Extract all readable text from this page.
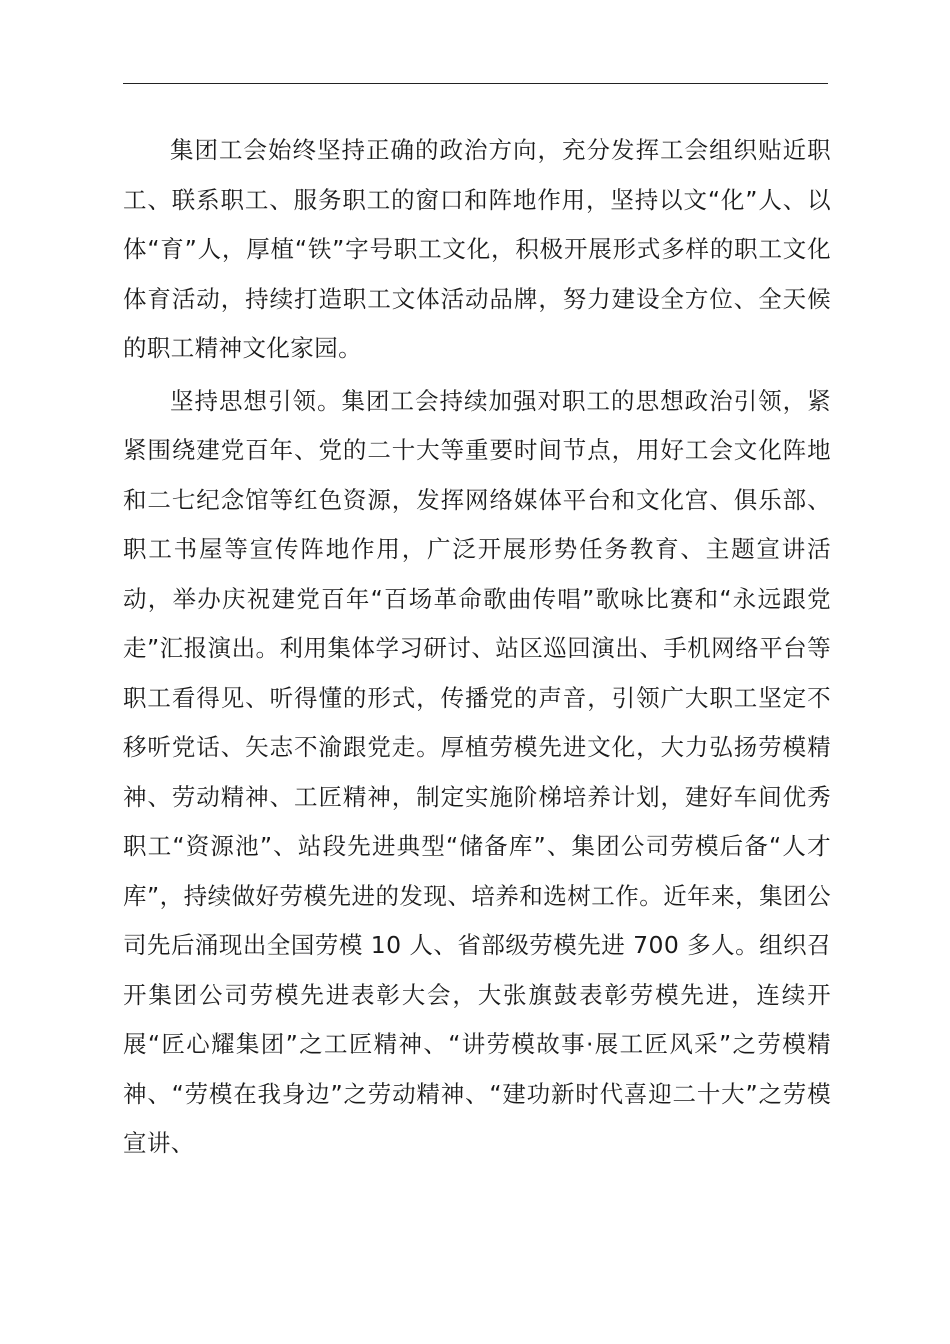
集团工会始终坚持正确的政治方向，充分发挥工会组织贴近职工、联系职工、服务职工的窗口和阵地作用，坚持以文“化”人、以体“育”人，厚植“铁”字号职工文化，积极开展形式多样的职工文化体育活动，持续打造职工文体活动品牌，努力建设全方位、全天候的职工精神文化家园。

坚持思想引领。集团工会持续加强对职工的思想政治引领，紧紧围绕建党百年、党的二十大等重要时间节点，用好工会文化阵地和二七纪念馆等红色资源，发挥网络媒体平台和文化宫、俱乐部、职工书屋等宣传阵地作用，广泛开展形势任务教育、主题宣讲活动，举办庆祝建党百年“百场革命歌曲传唱”歌咏比赛和“永远跟党走”汇报演出。利用集体学习研讨、站区巡回演出、手机网络平台等职工看得见、听得懂的形式，传播党的声音，引领广大职工坚定不移听党话、矢志不渝跟党走。厚植劳模先进文化，大力弘扬劳模精神、劳动精神、工匠精神，制定实施阶梯培养计划，建好车间优秀职工“资源池”、站段先进典型“储备库”、集团公司劳模后备“人才库”，持续做好劳模先进的发现、培养和选树工作。近年来，集团公司先后涌现出全国劳模 10 人、省部级劳模先进 700 多人。组织召开集团公司劳模先进表彰大会，大张旗鼓表彰劳模先进，连续开展“匠心耀集团”之工匠精神、“讲劳模故事·展工匠风采”之劳模精神、“劳模在我身边”之劳动精神、“建功新时代喜迎二十大”之劳模宣讲、
